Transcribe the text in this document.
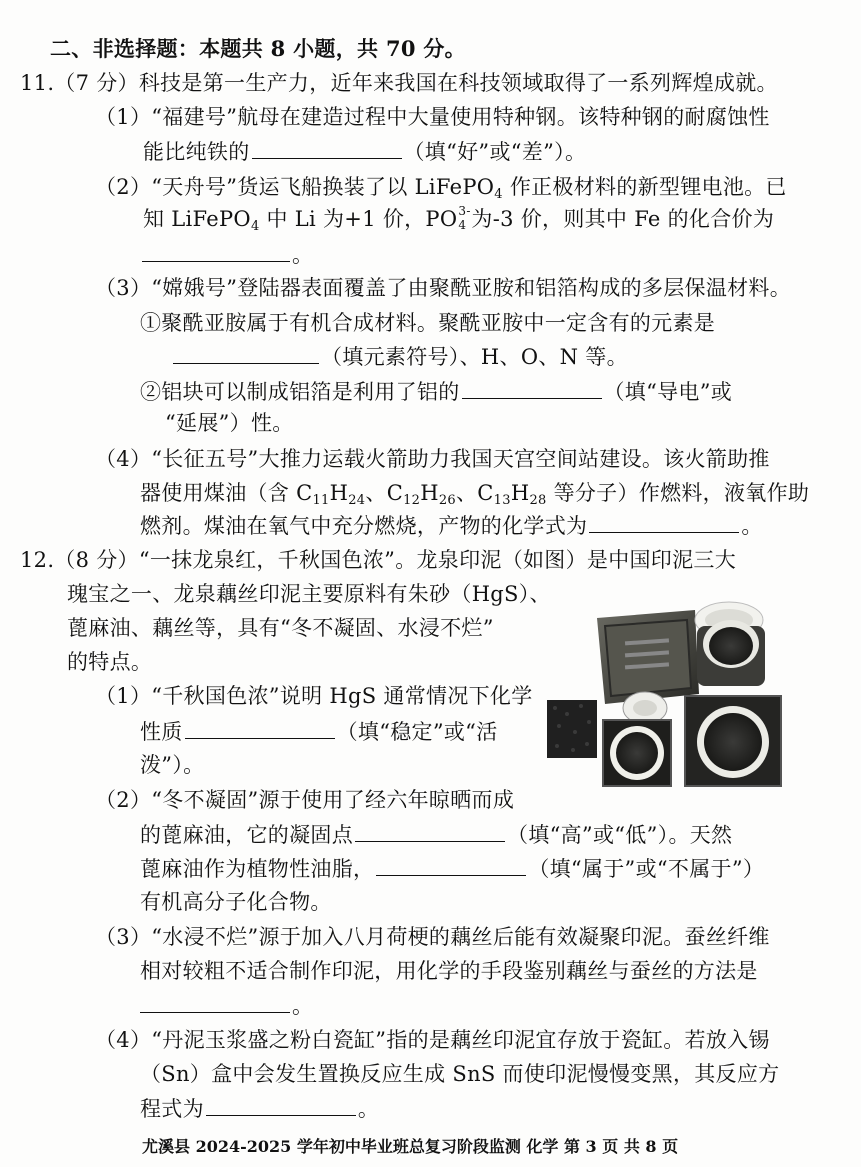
二、非选择题：本题共 8 小题，共 70 分。
11.（7 分）科技是第一生产力，近年来我国在科技领域取得了一系列辉煌成就。
（1）“福建号”航母在建造过程中大量使用特种钢。该特种钢的耐腐蚀性
能比纯铁的	（填“好”或“差”）。
（2）“天舟号”货运飞船换装了以 LiFePO$_4$ 作正极材料的新型锂电池。已
知 LiFePO$_4$ 中 Li 为+1 价，PO 3-
4 为-3 价，则其中 Fe 的化合价为
。
（3）“嫦娥号”登陆器表面覆盖了由聚酰亚胺和铝箔构成的多层保温材料。
①聚酰亚胺属于有机合成材料。聚酰亚胺中一定含有的元素是
（填元素符号）、H、O、N 等。
②铝块可以制成铝箔是利用了铝的	（填“导电”或
“延展”）性。
（4）“长征五号”大推力运载火箭助力我国天宫空间站建设。该火箭助推
器使用煤油（含 $C_{11}H_{24}$、$C_{12}H_{26}$、$C_{13}H_{28}$ 等分子）作燃料，液氧作助
燃剂。煤油在氧气中充分燃烧，产物的化学式为	。
12.（8 分）“一抹龙泉红，千秋国色浓”。龙泉印泥（如图）是中国印泥三大
瑰宝之一、龙泉藕丝印泥主要原料有朱砂（HgS）、
蓖麻油、藕丝等，具有“冬不凝固、水浸不烂”
的特点。
（1）“千秋国色浓”说明 HgS 通常情况下化学
性质	（填“稳定”或“活
泼”）。
（2）“冬不凝固”源于使用了经六年晾晒而成
的蓖麻油，它的凝固点	（填“高”或“低”）。天然
蓖麻油作为植物性油脂，	（填“属于”或“不属于”）
有机高分子化合物。
（3）“水浸不烂”源于加入八月荷梗的藕丝后能有效凝聚印泥。蚕丝纤维
相对较粗不适合制作印泥，用化学的手段鉴别藕丝与蚕丝的方法是
。
（4）“丹泥玉浆盛之粉白瓷缸”指的是藕丝印泥宜存放于瓷缸。若放入锡
（Sn）盒中会发生置换反应生成 SnS 而使印泥慢慢变黑，其反应方
程式为	。
尤溪县 2024-2025 学年初中毕业班总复习阶段监测 化学 第 3 页 共 8 页
